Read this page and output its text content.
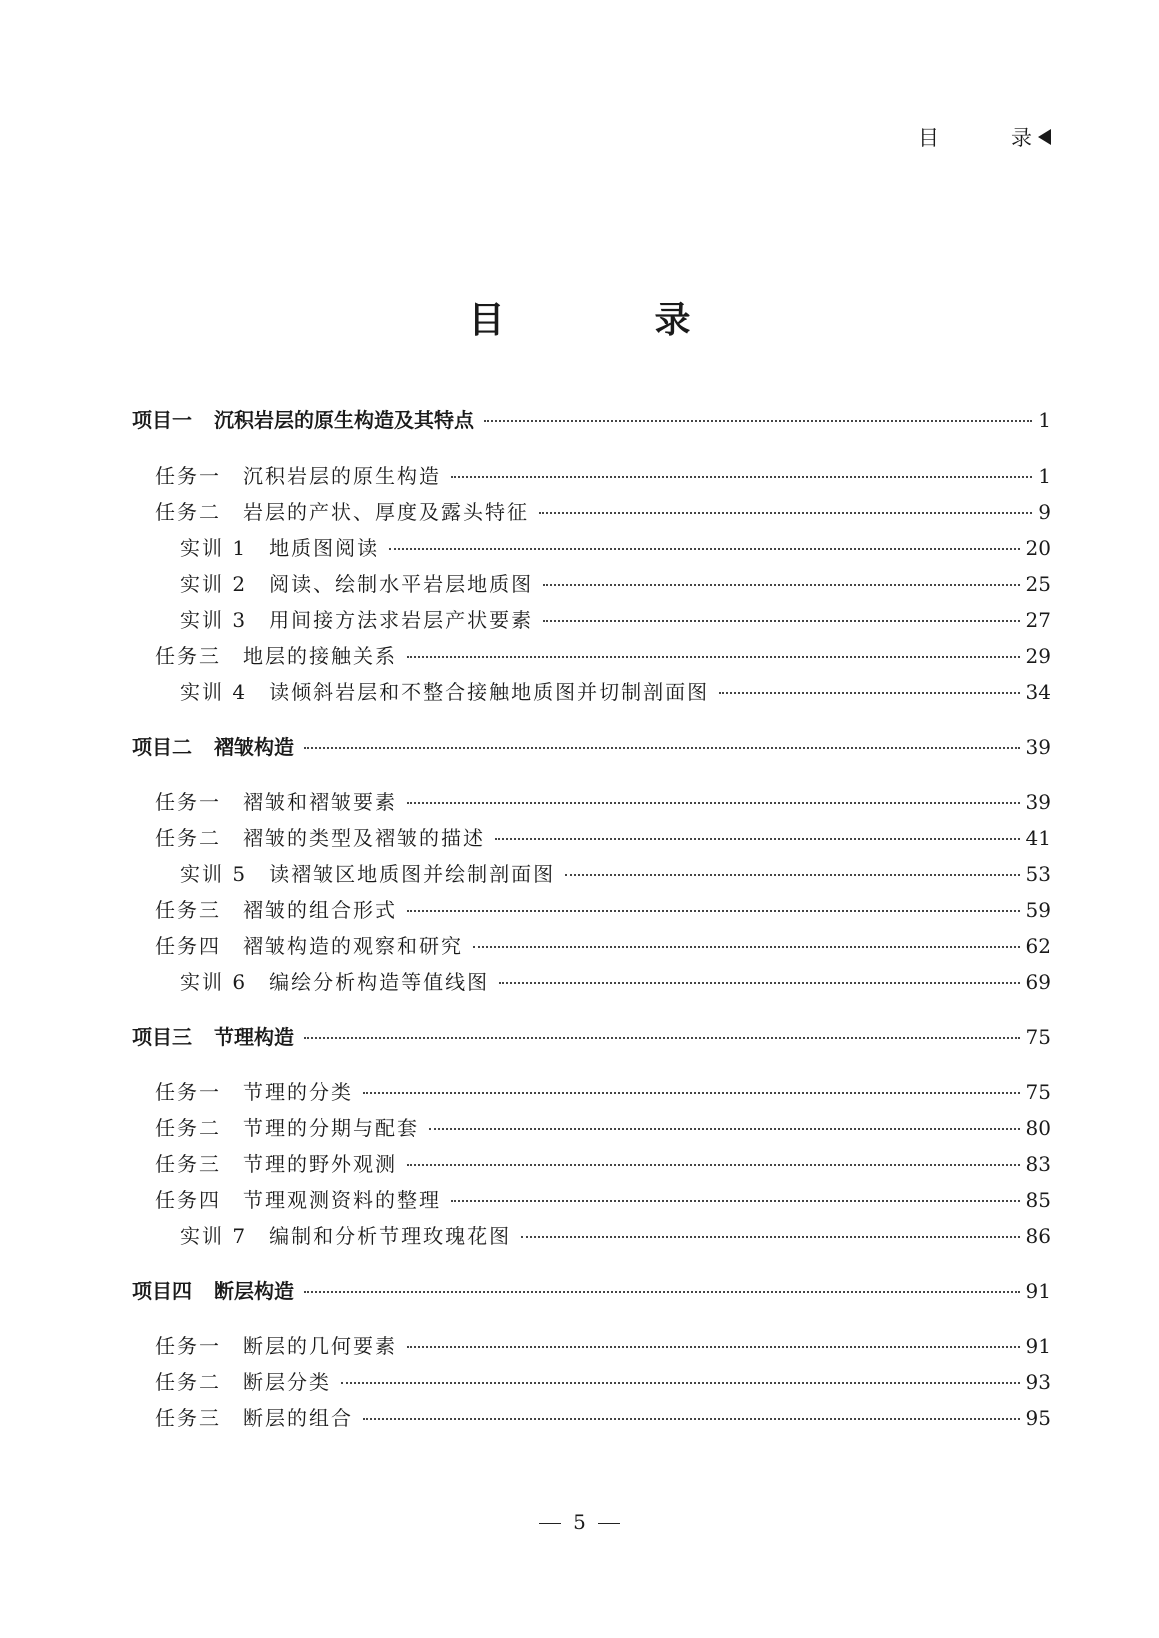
目	录
目	录
项目一 沉积岩层的原生构造及其特点	1
任务一 沉积岩层的原生构造	1
任务二 岩层的产状、厚度及露头特征	9
实训 1 地质图阅读	20
实训 2 阅读、绘制水平岩层地质图	25
实训 3 用间接方法求岩层产状要素	27
任务三 地层的接触关系	29
实训 4 读倾斜岩层和不整合接触地质图并切制剖面图	34
项目二 褶皱构造	39
任务一 褶皱和褶皱要素	39
任务二 褶皱的类型及褶皱的描述	41
实训 5 读褶皱区地质图并绘制剖面图	53
任务三 褶皱的组合形式	59
任务四 褶皱构造的观察和研究	62
实训 6 编绘分析构造等值线图	69
项目三 节理构造	75
任务一 节理的分类	75
任务二 节理的分期与配套	80
任务三 节理的野外观测	83
任务四 节理观测资料的整理	85
实训 7 编制和分析节理玫瑰花图	86
项目四 断层构造	91
任务一 断层的几何要素	91
任务二 断层分类	93
任务三 断层的组合	95
5
